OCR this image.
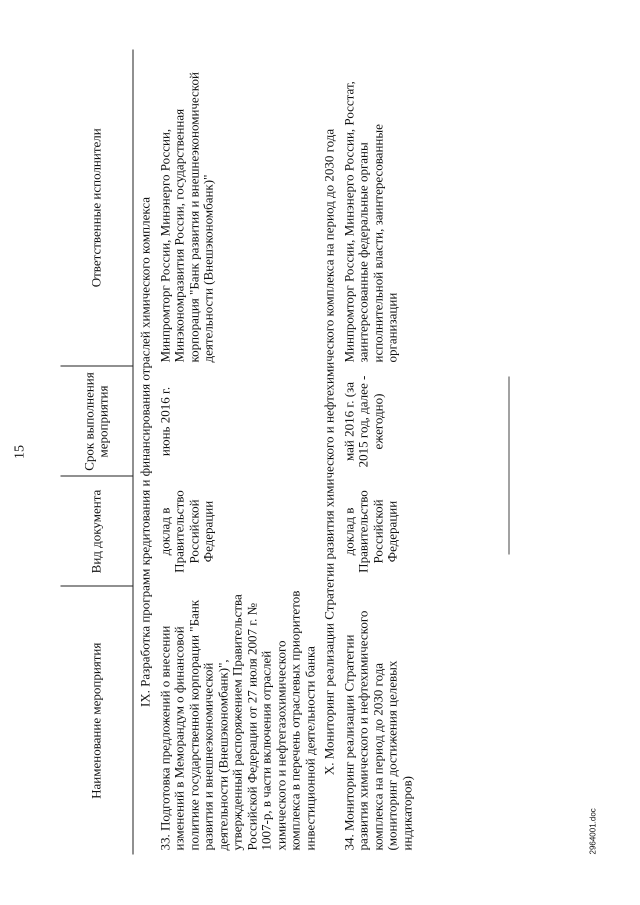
15
Наименование мероприятия	Вид документа	Срок выполнения мероприятия	Ответственные исполнители
IX. Разработка программ кредитования и финансирования отраслей химического комплекса			
33. Подготовка предложений о внесении изменений в Меморандум о финансовой политике государственной корпорации "Банк развития и внешнеэкономической деятельности (Внешэкономбанк)", утвержденный распоряжением Правительства Российской Федерации от 27 июля 2007 г. № 1007-р, в части включения отраслей химического и нефтегазохимического комплекса в перечень отраслевых приоритетов инвестиционной деятельности банка	доклад в Правительство Российской Федерации	июнь 2016 г.	Минпромторг России, Минэнерго России, Минэкономразвития России, государственная корпорация "Банк развития и внешнеэкономической деятельности (Внешэкономбанк)"
X. Мониторинг реализации Стратегии развития химического и нефтехимического комплекса на период до 2030 года			
34. Мониторинг реализации Стратегии развития химического и нефтехимического комплекса на период до 2030 года (мониторинг достижения целевых индикаторов)	доклад в Правительство Российской Федерации	май 2016 г. (за 2015 год, далее - ежегодно)	Минпромторг России, Минэнерго России, Росстат, заинтересованные федеральные органы исполнительной власти, заинтересованные организации
2964001.doc
